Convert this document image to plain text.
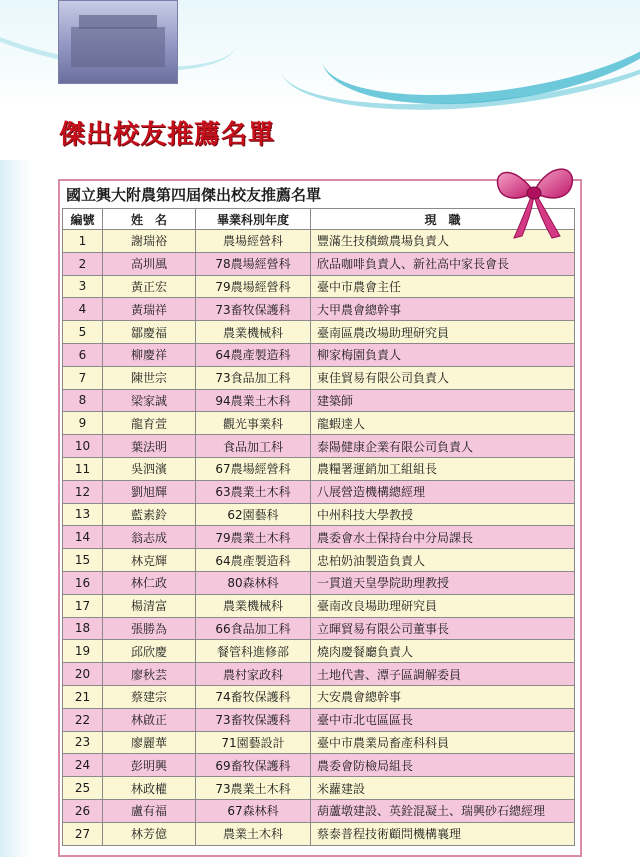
傑出校友推薦名單
國立興大附農第四屆傑出校友推薦名單
編號	姓　名	畢業科別年度	現　職
1	謝瑞裕	農場經營科	豐滿生技積緻農場負責人
2	高圳風	78農場經營科	欣品咖啡負責人、新社高中家長會長
3	黃正宏	79農場經營科	臺中市農會主任
4	黃瑞祥	73畜牧保護科	大甲農會總幹事
5	鄒慶福	農業機械科	臺南區農改場助理研究員
6	柳慶祥	64農產製造科	柳家梅園負責人
7	陳世宗	73食品加工科	東佳貿易有限公司負責人
8	梁家誠	94農業土木科	建築師
9	龍育萱	觀光事業科	龍蝦達人
10	葉法明	食品加工科	泰陽健康企業有限公司負責人
11	吳泗濱	67農場經營科	農糧署運銷加工組組長
12	劉旭輝	63農業土木科	八展營造機構總經理
13	藍素鈴	62園藝科	中州科技大學教授
14	翁志成	79農業土木科	農委會水土保持台中分局課長
15	林克輝	64農產製造科	忠柏奶油製造負責人
16	林仁政	80森林科	一貫道天皇學院助理教授
17	楊清富	農業機械科	臺南改良場助理研究員
18	張勝為	66食品加工科	立暉貿易有限公司董事長
19	邱欣慶	餐管科進修部	燒肉慶餐廳負責人
20	廖秋芸	農村家政科	土地代書、潭子區調解委員
21	蔡建宗	74畜牧保護科	大安農會總幹事
22	林啟正	73畜牧保護科	臺中市北屯區區長
23	廖麗華	71園藝設計	臺中市農業局畜產科科員
24	彭明興	69畜牧保護科	農委會防檢局組長
25	林政權	73農業土木科	米蘿建設
26	盧有福	67森林科	葫蘆墩建設、英銓混凝土、瑞興砂石總經理
27	林芳億	農業土木科	蔡泰普程技術顧問機構襄理
